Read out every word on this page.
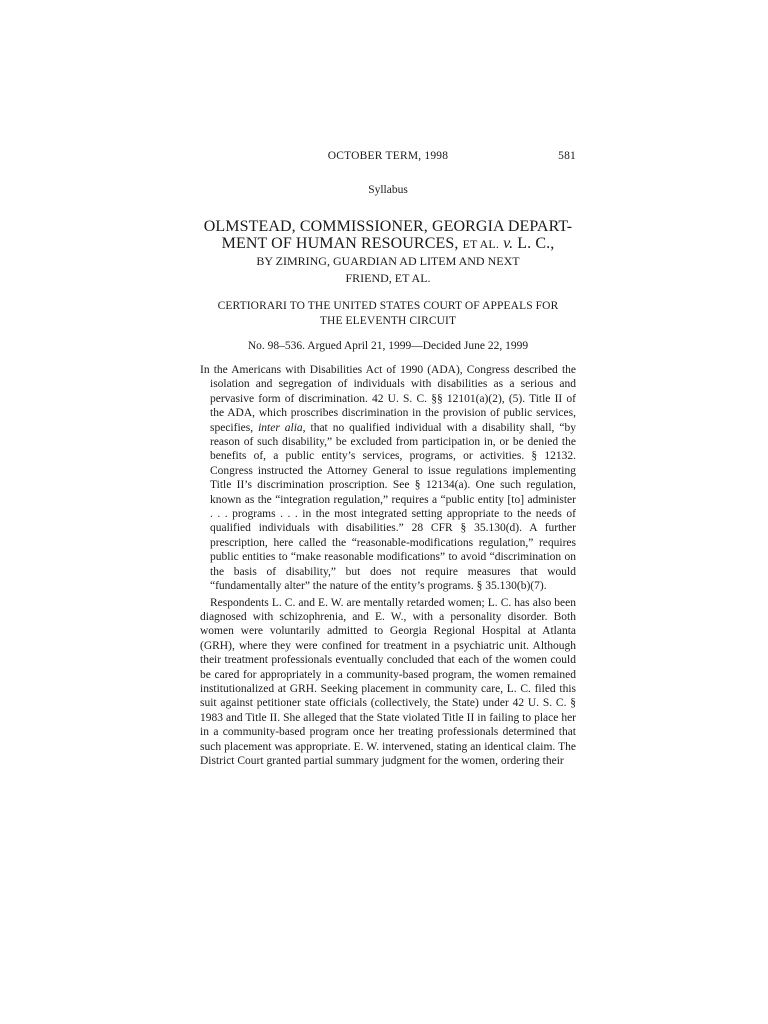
OCTOBER TERM, 1998	581
Syllabus
OLMSTEAD, COMMISSIONER, GEORGIA DEPART-
MENT OF HUMAN RESOURCES, ET AL. v. L. C.,
BY ZIMRING, GUARDIAN AD LITEM AND NEXT
FRIEND, ET AL.
CERTIORARI TO THE UNITED STATES COURT OF APPEALS FOR
THE ELEVENTH CIRCUIT
No. 98–536. Argued April 21, 1999—Decided June 22, 1999

In the Americans with Disabilities Act of 1990 (ADA), Congress described the isolation and segregation of individuals with disabilities as a serious and pervasive form of discrimination. 42 U. S. C. §§ 12101(a)(2), (5). Title II of the ADA, which proscribes discrimination in the provision of public services, specifies, inter alia, that no qualified individual with a disability shall, “by reason of such disability,” be excluded from participation in, or be denied the benefits of, a public entity’s services, programs, or activities. § 12132. Congress instructed the Attorney General to issue regulations implementing Title II’s discrimination proscription. See § 12134(a). One such regulation, known as the “integration regulation,” requires a “public entity [to] administer . . . programs . . . in the most integrated setting appropriate to the needs of qualified individuals with disabilities.” 28 CFR § 35.130(d). A further prescription, here called the “reasonable-modifications regulation,” requires public entities to “make reasonable modifications” to avoid “discrimination on the basis of disability,” but does not require measures that would “fundamentally alter” the nature of the entity’s programs. § 35.130(b)(7).

Respondents L. C. and E. W. are mentally retarded women; L. C. has also been diagnosed with schizophrenia, and E. W., with a personality disorder. Both women were voluntarily admitted to Georgia Regional Hospital at Atlanta (GRH), where they were confined for treatment in a psychiatric unit. Although their treatment professionals eventually concluded that each of the women could be cared for appropriately in a community-based program, the women remained institutionalized at GRH. Seeking placement in community care, L. C. filed this suit against petitioner state officials (collectively, the State) under 42 U. S. C. § 1983 and Title II. She alleged that the State violated Title II in failing to place her in a community-based program once her treating professionals determined that such placement was appropriate. E. W. intervened, stating an identical claim. The District Court granted partial summary judgment for the women, ordering their
